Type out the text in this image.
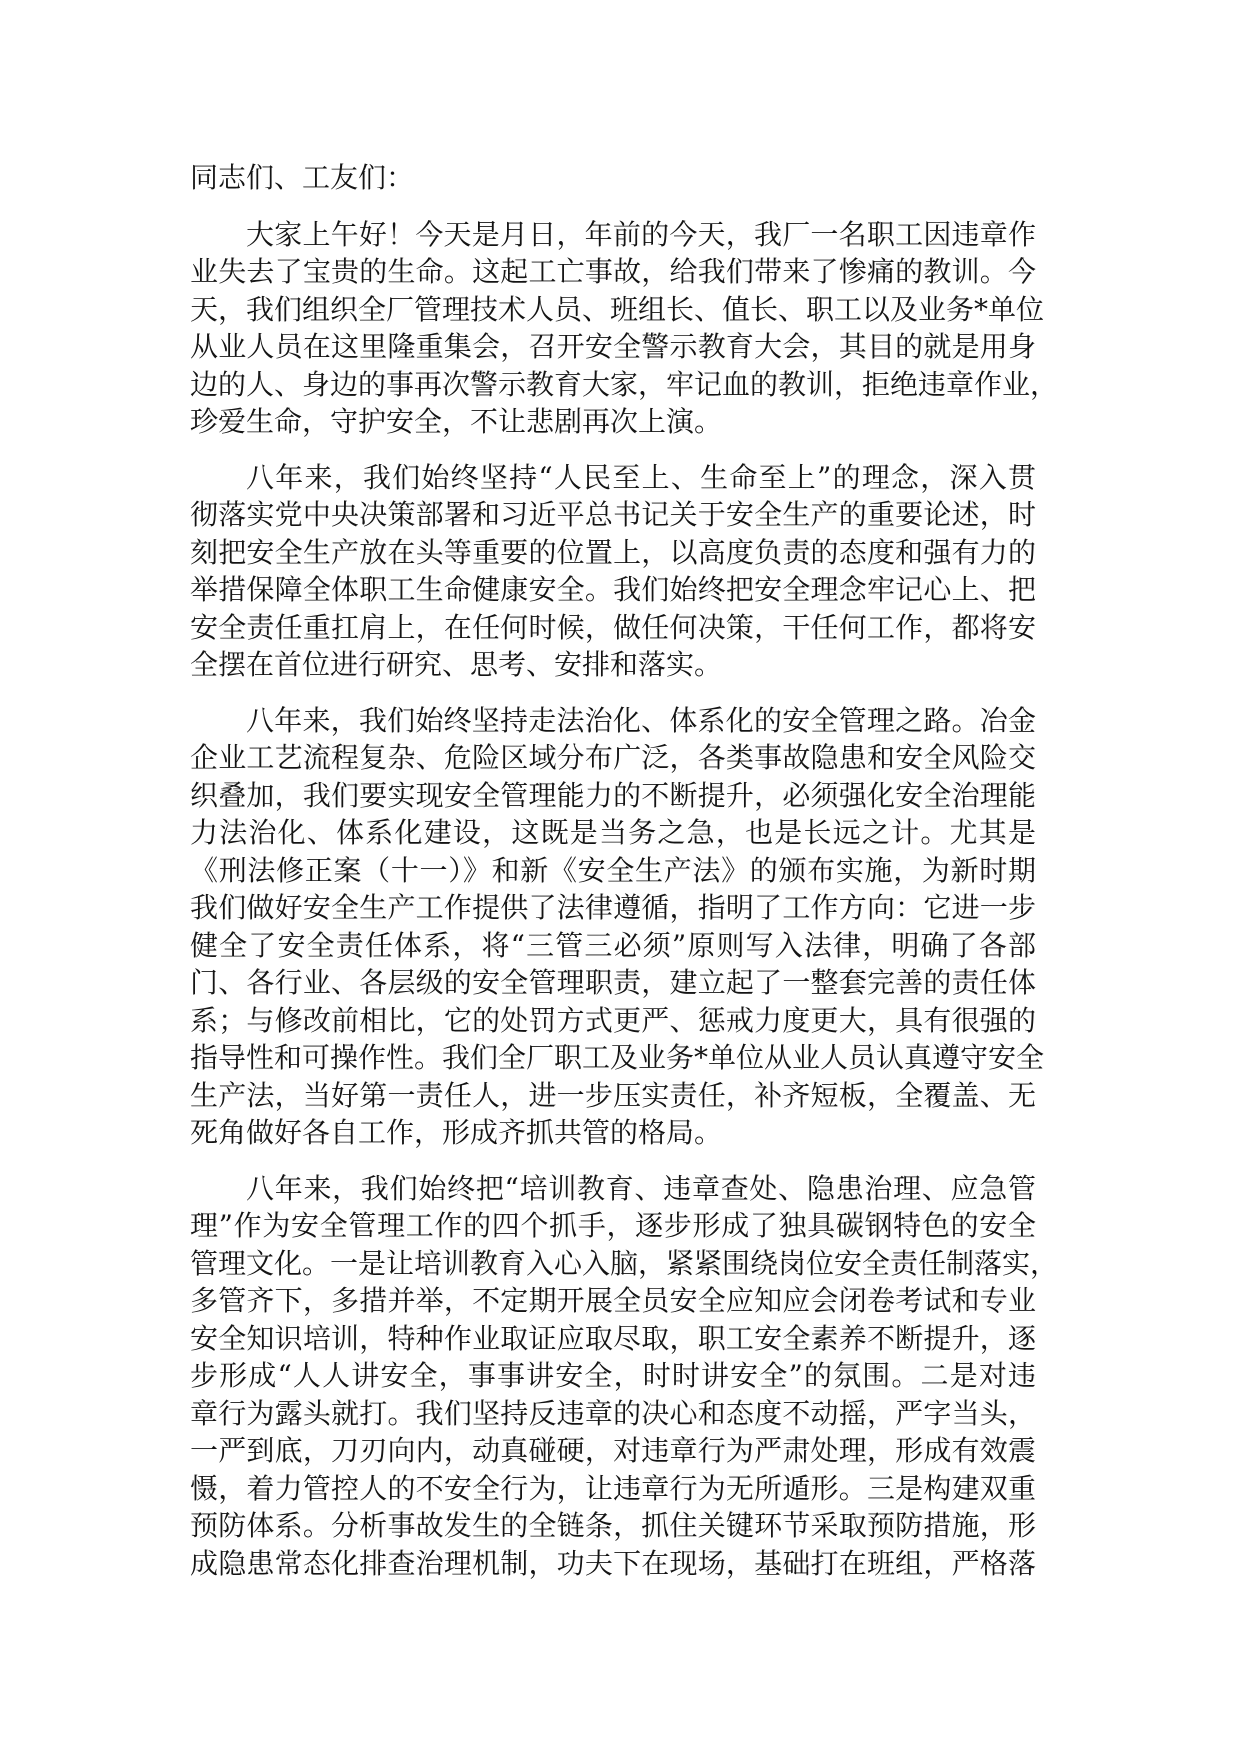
同志们、工友们：
大家上午好！今天是月日，年前的今天，我厂一名职工因违章作
业失去了宝贵的生命。这起工亡事故，给我们带来了惨痛的教训。今
天，我们组织全厂管理技术人员、班组长、值长、职工以及业务*单位
从业人员在这里隆重集会，召开安全警示教育大会，其目的就是用身
边的人、身边的事再次警示教育大家，牢记血的教训，拒绝违章作业，
珍爱生命，守护安全，不让悲剧再次上演。
八年来，我们始终坚持“人民至上、生命至上”的理念，深入贯
彻落实党中央决策部署和习近平总书记关于安全生产的重要论述，时
刻把安全生产放在头等重要的位置上，以高度负责的态度和强有力的
举措保障全体职工生命健康安全。我们始终把安全理念牢记心上、把
安全责任重扛肩上，在任何时候，做任何决策，干任何工作，都将安
全摆在首位进行研究、思考、安排和落实。
八年来，我们始终坚持走法治化、体系化的安全管理之路。冶金
企业工艺流程复杂、危险区域分布广泛，各类事故隐患和安全风险交
织叠加，我们要实现安全管理能力的不断提升，必须强化安全治理能
力法治化、体系化建设，这既是当务之急，也是长远之计。尤其是
《刑法修正案（十一）》和新《安全生产法》的颁布实施，为新时期
我们做好安全生产工作提供了法律遵循，指明了工作方向：它进一步
健全了安全责任体系，将“三管三必须”原则写入法律，明确了各部
门、各行业、各层级的安全管理职责，建立起了一整套完善的责任体
系；与修改前相比，它的处罚方式更严、惩戒力度更大，具有很强的
指导性和可操作性。我们全厂职工及业务*单位从业人员认真遵守安全
生产法，当好第一责任人，进一步压实责任，补齐短板，全覆盖、无
死角做好各自工作，形成齐抓共管的格局。
八年来，我们始终把“培训教育、违章查处、隐患治理、应急管
理”作为安全管理工作的四个抓手，逐步形成了独具碳钢特色的安全
管理文化。一是让培训教育入心入脑，紧紧围绕岗位安全责任制落实，
多管齐下，多措并举，不定期开展全员安全应知应会闭卷考试和专业
安全知识培训，特种作业取证应取尽取，职工安全素养不断提升，逐
步形成“人人讲安全，事事讲安全，时时讲安全”的氛围。二是对违
章行为露头就打。我们坚持反违章的决心和态度不动摇，严字当头，
一严到底，刀刃向内，动真碰硬，对违章行为严肃处理，形成有效震
慑，着力管控人的不安全行为，让违章行为无所遁形。三是构建双重
预防体系。分析事故发生的全链条，抓住关键环节采取预防措施，形
成隐患常态化排查治理机制，功夫下在现场，基础打在班组，严格落
